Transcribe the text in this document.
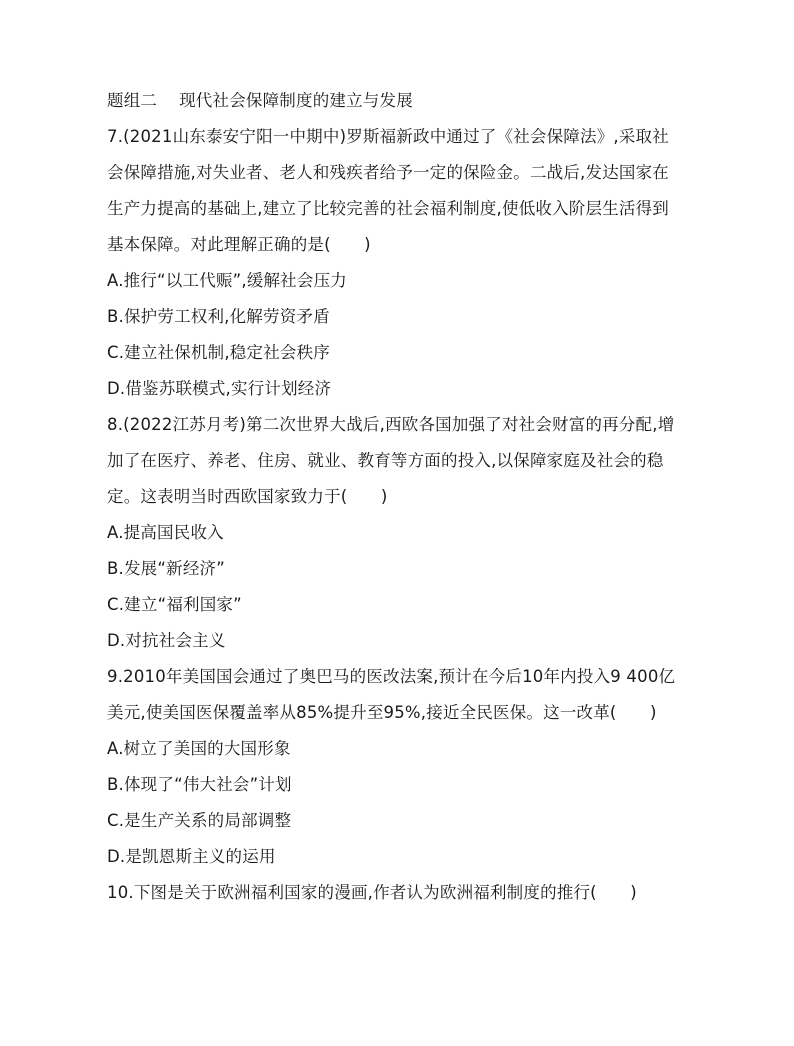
题组二 现代社会保障制度的建立与发展
7.(2021山东泰安宁阳一中期中)罗斯福新政中通过了《社会保障法》,采取社
会保障措施,对失业者、老人和残疾者给予一定的保险金。二战后,发达国家在
生产力提高的基础上,建立了比较完善的社会福利制度,使低收入阶层生活得到
基本保障。对此理解正确的是(　　)
A.推行“以工代赈”,缓解社会压力
B.保护劳工权利,化解劳资矛盾
C.建立社保机制,稳定社会秩序
D.借鉴苏联模式,实行计划经济
8.(2022江苏月考)第二次世界大战后,西欧各国加强了对社会财富的再分配,增
加了在医疗、养老、住房、就业、教育等方面的投入,以保障家庭及社会的稳
定。这表明当时西欧国家致力于(　　)
A.提高国民收入
B.发展“新经济”
C.建立“福利国家”
D.对抗社会主义
9.2010年美国国会通过了奥巴马的医改法案,预计在今后10年内投入9 400亿
美元,使美国医保覆盖率从85%提升至95%,接近全民医保。这一改革(　　)
A.树立了美国的大国形象
B.体现了“伟大社会”计划
C.是生产关系的局部调整
D.是凯恩斯主义的运用
10.下图是关于欧洲福利国家的漫画,作者认为欧洲福利制度的推行(　　)
